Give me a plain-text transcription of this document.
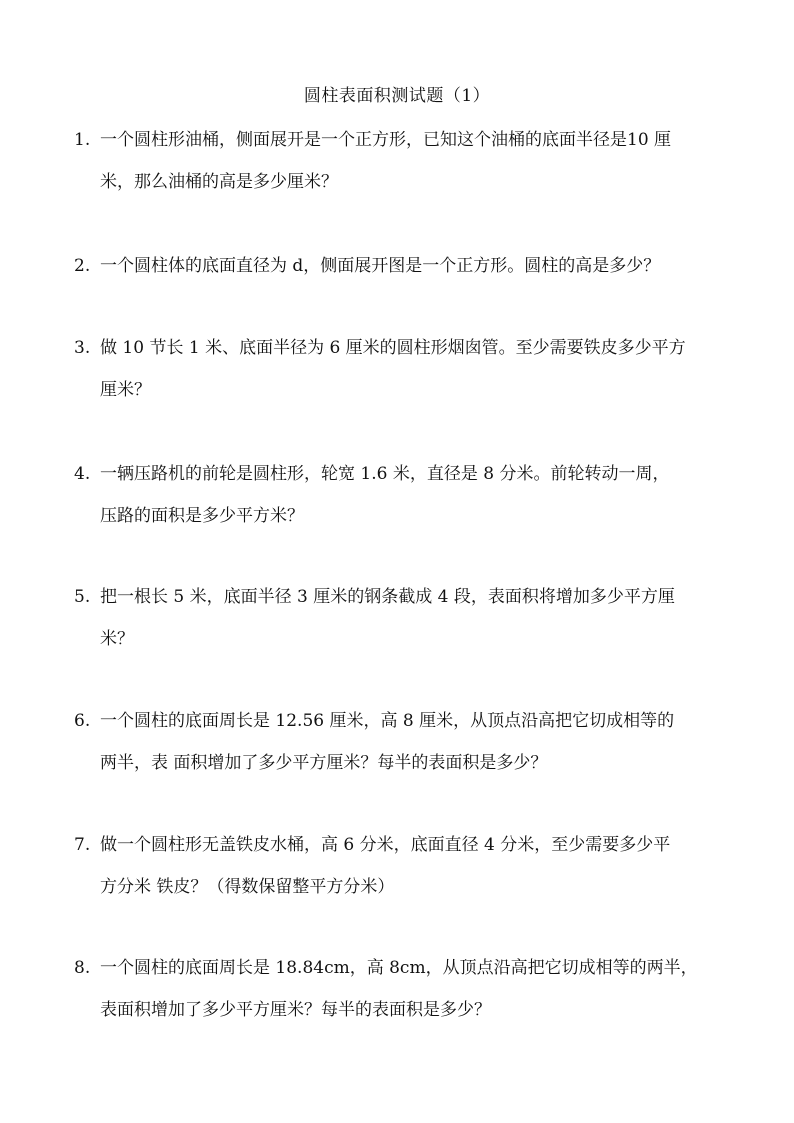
圆柱表面积测试题（1）
1. 一个圆柱形油桶，侧面展开是一个正方形，已知这个油桶的底面半径是10 厘
米，那么油桶的高是多少厘米？
2. 一个圆柱体的底面直径为 d，侧面展开图是一个正方形。圆柱的高是多少？
3. 做 10 节长 1 米、底面半径为 6 厘米的圆柱形烟囱管。至少需要铁皮多少平方
厘米？
4. 一辆压路机的前轮是圆柱形，轮宽 1.6 米，直径是 8 分米。前轮转动一周，
压路的面积是多少平方米？
5. 把一根长 5 米，底面半径 3 厘米的钢条截成 4 段，表面积将增加多少平方厘
米？
6. 一个圆柱的底面周长是 12.56 厘米，高 8 厘米，从顶点沿高把它切成相等的
两半，表 面积增加了多少平方厘米？每半的表面积是多少？
7. 做一个圆柱形无盖铁皮水桶，高 6 分米，底面直径 4 分米，至少需要多少平
方分米 铁皮？（得数保留整平方分米）
8. 一个圆柱的底面周长是 18.84cm，高 8cm，从顶点沿高把它切成相等的两半，
表面积增加了多少平方厘米？每半的表面积是多少？
